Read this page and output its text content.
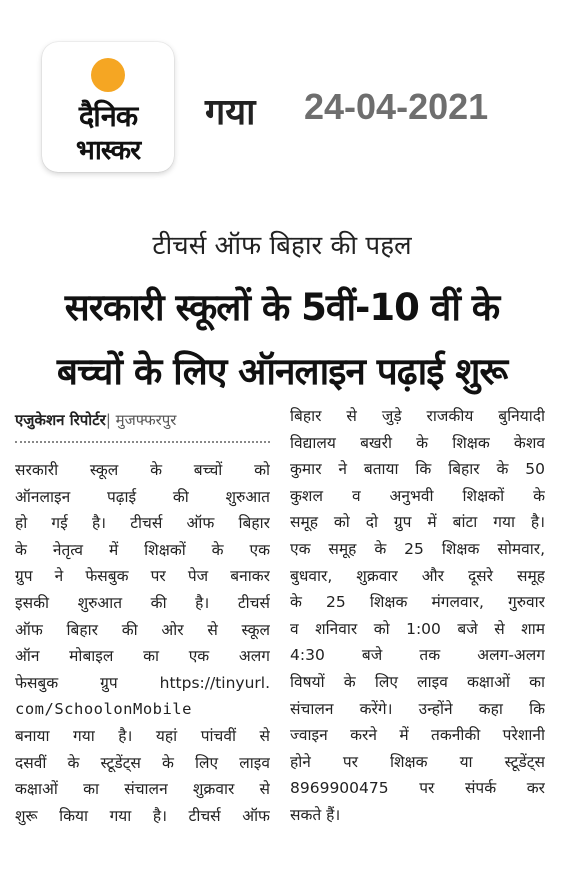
दैनिक
भास्कर
गया 24-04-2021
टीचर्स ऑफ बिहार की पहल
सरकारी स्कूलों के 5वीं-10 वीं के
बच्चों के लिए ऑनलाइन पढ़ाई शुरू
एजुकेशन रिपोर्टर| मुजफ्फरपुर
सरकारी स्कूल के बच्चों को
ऑनलाइन पढ़ाई की शुरुआत
हो गई है। टीचर्स ऑफ बिहार
के नेतृत्व में शिक्षकों के एक
ग्रुप ने फेसबुक पर पेज बनाकर
इसकी शुरुआत की है। टीचर्स
ऑफ बिहार की ओर से स्कूल
ऑन मोबाइल का एक अलग
फेसबुक ग्रुप https://tinyurl.
com/SchoolonMobile
बनाया गया है। यहां पांचवीं से
दसवीं के स्टूडेंट्स के लिए लाइव
कक्षाओं का संचालन शुक्रवार से
शुरू किया गया है। टीचर्स ऑफ
बिहार से जुड़े राजकीय बुनियादी
विद्यालय बखरी के शिक्षक केशव
कुमार ने बताया कि बिहार के 50
कुशल व अनुभवी शिक्षकों के
समूह को दो ग्रुप में बांटा गया है।
एक समूह के 25 शिक्षक सोमवार,
बुधवार, शुक्रवार और दूसरे समूह
के 25 शिक्षक मंगलवार, गुरुवार
व शनिवार को 1:00 बजे से शाम
4:30 बजे तक अलग-अलग
विषयों के लिए लाइव कक्षाओं का
संचालन करेंगे। उन्होंने कहा कि
ज्वाइन करने में तकनीकी परेशानी
होने पर शिक्षक या स्टूडेंट्स
8969900475 पर संपर्क कर
सकते हैं।
